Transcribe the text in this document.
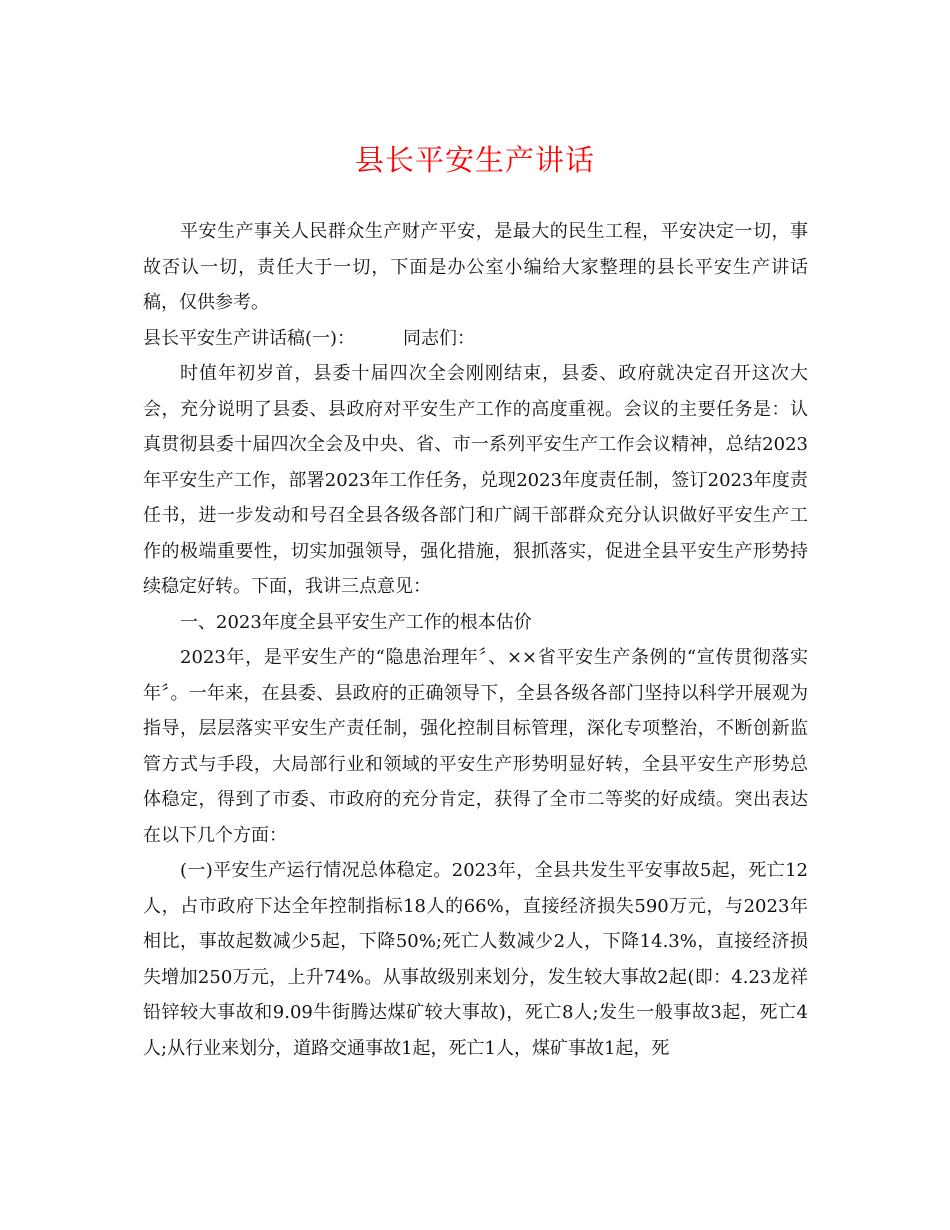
县长平安生产讲话

平安生产事关人民群众生产财产平安，是最大的民生工程，平安决定一切，事故否认一切，责任大于一切，下面是办公室小编给大家整理的县长平安生产讲话稿，仅供参考。

县长平安生产讲话稿(一)：	同志们：

时值年初岁首，县委十届四次全会刚刚结束，县委、政府就决定召开这次大会，充分说明了县委、县政府对平安生产工作的高度重视。会议的主要任务是：认真贯彻县委十届四次全会及中央、省、市一系列平安生产工作会议精神，总结2023年平安生产工作，部署2023年工作任务，兑现2023年度责任制，签订2023年度责任书，进一步发动和号召全县各级各部门和广阔干部群众充分认识做好平安生产工作的极端重要性，切实加强领导，强化措施，狠抓落实，促进全县平安生产形势持续稳定好转。下面，我讲三点意见：

一、2023年度全县平安生产工作的根本估价

2023年，是平安生产的“隐患治理年〞、××省平安生产条例的“宣传贯彻落实年〞。一年来，在县委、县政府的正确领导下，全县各级各部门坚持以科学开展观为指导，层层落实平安生产责任制，强化控制目标管理，深化专项整治，不断创新监管方式与手段，大局部行业和领域的平安生产形势明显好转，全县平安生产形势总体稳定，得到了市委、市政府的充分肯定，获得了全市二等奖的好成绩。突出表达在以下几个方面：

(一)平安生产运行情况总体稳定。2023年，全县共发生平安事故5起，死亡12人，占市政府下达全年控制指标18人的66%，直接经济损失590万元，与2023年相比，事故起数减少5起，下降50%;死亡人数减少2人，下降14.3%，直接经济损失增加250万元，上升74%。从事故级别来划分，发生较大事故2起(即：4.23龙祥铅锌较大事故和9.09牛街腾达煤矿较大事故)，死亡8人;发生一般事故3起，死亡4人;从行业来划分，道路交通事故1起，死亡1人，煤矿事故1起，死
